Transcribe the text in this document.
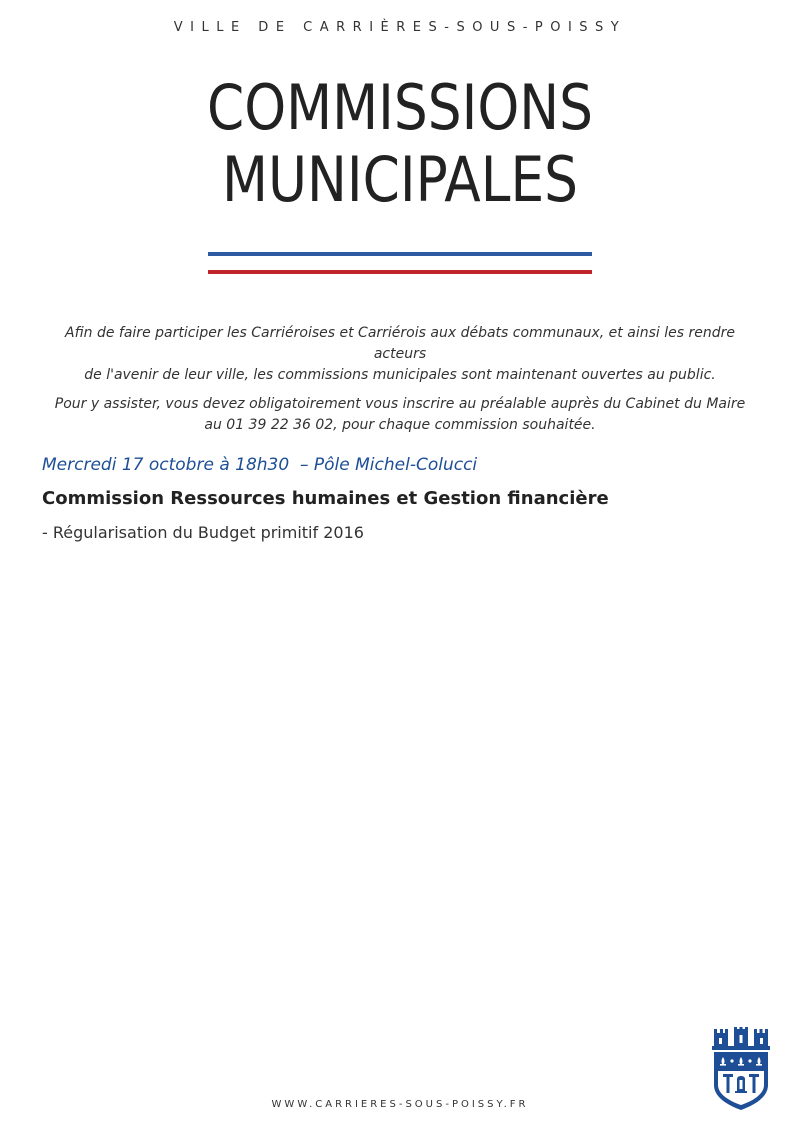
VILLE DE CARRIÈRES-SOUS-POISSY
COMMISSIONS
MUNICIPALES

Afin de faire participer les Carriéroises et Carriérois aux débats communaux, et ainsi les rendre acteurs
de l'avenir de leur ville, les commissions municipales sont maintenant ouvertes au public.

Pour y assister, vous devez obligatoirement vous inscrire au préalable auprès du Cabinet du Maire
au 01 39 22 36 02, pour chaque commission souhaitée.

Mercredi 17 octobre à 18h30  – Pôle Michel-Colucci
Commission Ressources humaines et Gestion financière
- Régularisation du Budget primitif 2016
WWW.CARRIERES-SOUS-POISSY.FR
